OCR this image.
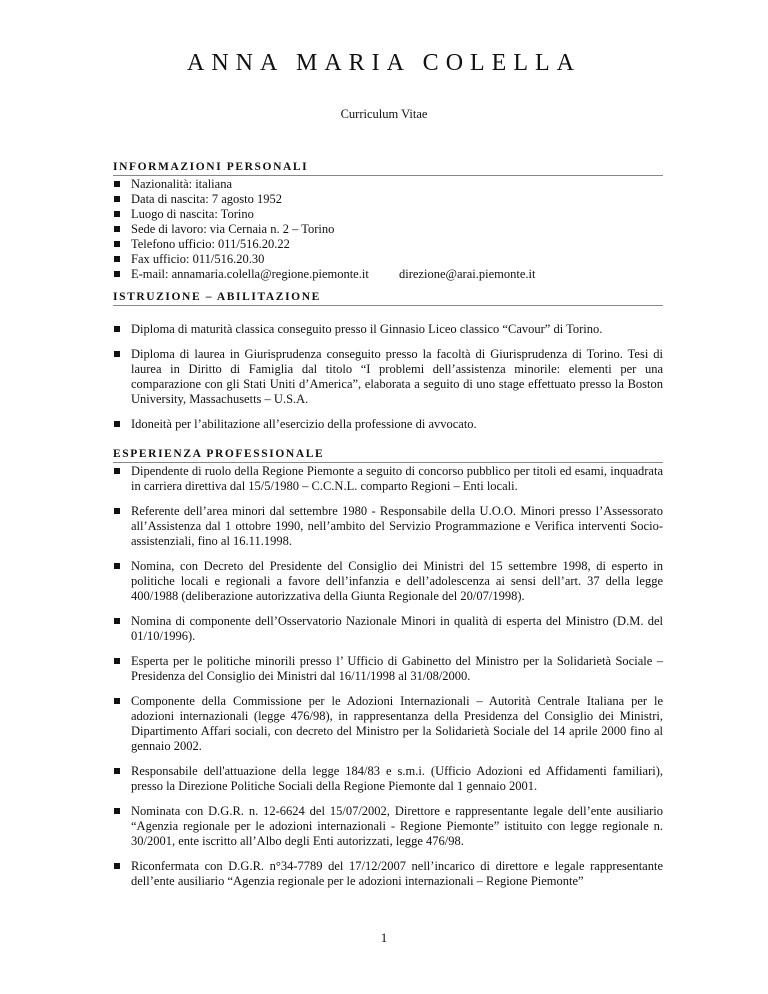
ANNA MARIA COLELLA
Curriculum Vitae
INFORMAZIONI PERSONALI
Nazionalità: italiana
Data di nascita: 7 agosto 1952
Luogo di nascita: Torino
Sede di lavoro: via Cernaia n. 2 – Torino
Telefono ufficio: 011/516.20.22
Fax ufficio: 011/516.20.30
E-mail: annamaria.colella@regione.piemonte.it direzione@arai.piemonte.it
ISTRUZIONE – ABILITAZIONE
Diploma di maturità classica conseguito presso il Ginnasio Liceo classico “Cavour” di Torino.
Diploma di laurea in Giurisprudenza conseguito presso la facoltà di Giurisprudenza di Torino. Tesi di laurea in Diritto di Famiglia dal titolo “I problemi dell’assistenza minorile: elementi per una comparazione con gli Stati Uniti d’America”, elaborata a seguito di uno stage effettuato presso la Boston University, Massachusetts – U.S.A.
Idoneità per l’abilitazione all’esercizio della professione di avvocato.
ESPERIENZA PROFESSIONALE
Dipendente di ruolo della Regione Piemonte a seguito di concorso pubblico per titoli ed esami, inquadrata in carriera direttiva dal 15/5/1980 – C.C.N.L. comparto Regioni – Enti locali.
Referente dell’area minori dal settembre 1980 - Responsabile della U.O.O. Minori presso l’Assessorato all’Assistenza dal 1 ottobre 1990, nell’ambito del Servizio Programmazione e Verifica interventi Socio-assistenziali, fino al 16.11.1998.
Nomina, con Decreto del Presidente del Consiglio dei Ministri del 15 settembre 1998, di esperto in politiche locali e regionali a favore dell’infanzia e dell’adolescenza ai sensi dell’art. 37 della legge 400/1988 (deliberazione autorizzativa della Giunta Regionale del 20/07/1998).
Nomina di componente dell’Osservatorio Nazionale Minori in qualità di esperta del Ministro (D.M. del 01/10/1996).
Esperta per le politiche minorili presso l’ Ufficio di Gabinetto del Ministro per la Solidarietà Sociale – Presidenza del Consiglio dei Ministri dal 16/11/1998 al 31/08/2000.
Componente della Commissione per le Adozioni Internazionali – Autorità Centrale Italiana per le adozioni internazionali (legge 476/98), in rappresentanza della Presidenza del Consiglio dei Ministri, Dipartimento Affari sociali, con decreto del Ministro per la Solidarietà Sociale del 14 aprile 2000 fino al gennaio 2002.
Responsabile dell'attuazione della legge 184/83 e s.m.i. (Ufficio Adozioni ed Affidamenti familiari), presso la Direzione Politiche Sociali della Regione Piemonte dal 1 gennaio 2001.
Nominata con D.G.R. n. 12-6624 del 15/07/2002, Direttore e rappresentante legale dell’ente ausiliario “Agenzia regionale per le adozioni internazionali - Regione Piemonte” istituito con legge regionale n. 30/2001, ente iscritto all’Albo degli Enti autorizzati, legge 476/98.
Riconfermata con D.G.R. n°34-7789 del 17/12/2007 nell’incarico di direttore e legale rappresentante dell’ente ausiliario “Agenzia regionale per le adozioni internazionali – Regione Piemonte”
1
